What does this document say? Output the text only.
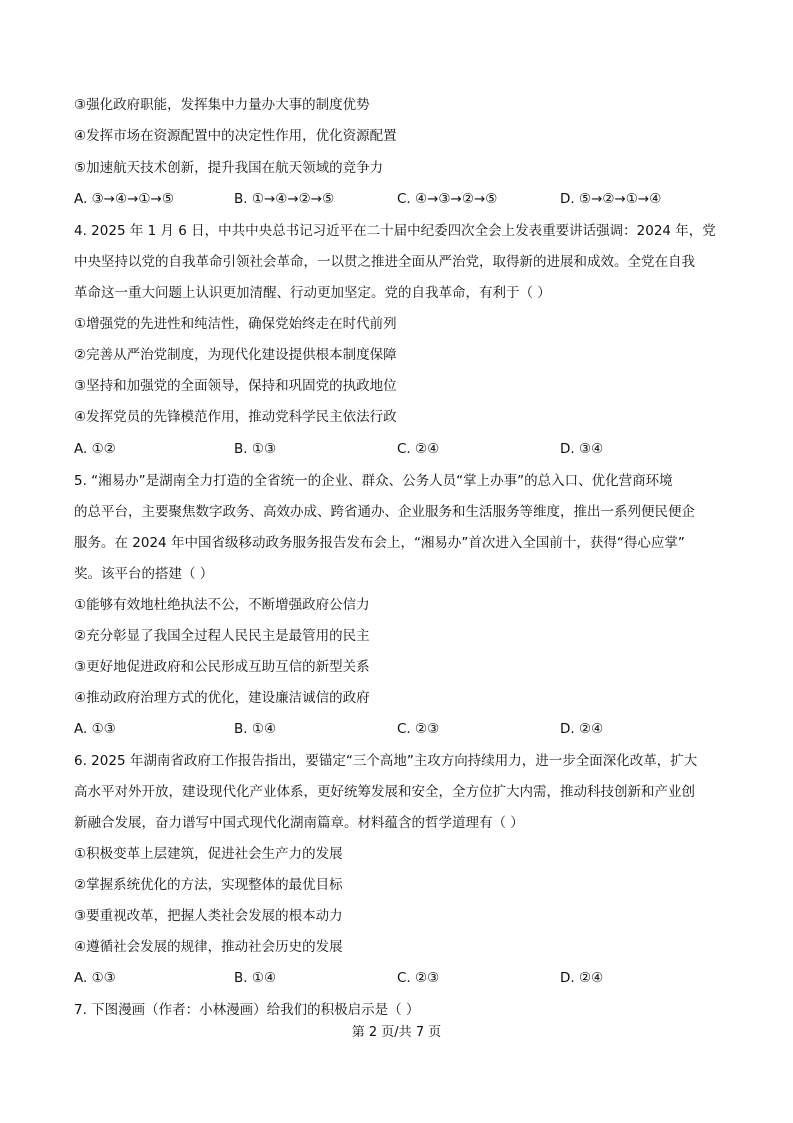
③强化政府职能，发挥集中力量办大事的制度优势
④发挥市场在资源配置中的决定性作用，优化资源配置
⑤加速航天技术创新，提升我国在航天领域的竞争力
A. ③→④→①→⑤	B. ①→④→②→⑤	C. ④→③→②→⑤	D. ⑤→②→①→④
4. 2025 年 1 月 6 日，中共中央总书记习近平在二十届中纪委四次全会上发表重要讲话强调：2024 年，党
中央坚持以党的自我革命引领社会革命，一以贯之推进全面从严治党，取得新的进展和成效。全党在自我
革命这一重大问题上认识更加清醒、行动更加坚定。党的自我革命，有利于（ ）
①增强党的先进性和纯洁性，确保党始终走在时代前列
②完善从严治党制度，为现代化建设提供根本制度保障
③坚持和加强党的全面领导，保持和巩固党的执政地位
④发挥党员的先锋模范作用，推动党科学民主依法行政
A. ①②	B. ①③	C. ②④	D. ③④
5. “湘易办”是湖南全力打造的全省统一的企业、群众、公务人员“掌上办事”的总入口、优化营商环境
的总平台，主要聚焦数字政务、高效办成、跨省通办、企业服务和生活服务等维度，推出一系列便民便企
服务。在 2024 年中国省级移动政务服务报告发布会上，“湘易办”首次进入全国前十，获得“得心应掌”
奖。该平台的搭建（ ）
①能够有效地杜绝执法不公，不断增强政府公信力
②充分彰显了我国全过程人民民主是最管用的民主
③更好地促进政府和公民形成互助互信的新型关系
④推动政府治理方式的优化，建设廉洁诚信的政府
A. ①③	B. ①④	C. ②③	D. ②④
6. 2025 年湖南省政府工作报告指出，要锚定“三个高地”主攻方向持续用力，进一步全面深化改革，扩大
高水平对外开放，建设现代化产业体系，更好统筹发展和安全，全方位扩大内需，推动科技创新和产业创
新融合发展，奋力谱写中国式现代化湖南篇章。材料蕴含的哲学道理有（ ）
①积极变革上层建筑，促进社会生产力的发展
②掌握系统优化的方法，实现整体的最优目标
③要重视改革，把握人类社会发展的根本动力
④遵循社会发展的规律，推动社会历史的发展
A. ①③	B. ①④	C. ②③	D. ②④
7. 下图漫画（作者：小林漫画）给我们的积极启示是（ ）
第 2 页/共 7 页
